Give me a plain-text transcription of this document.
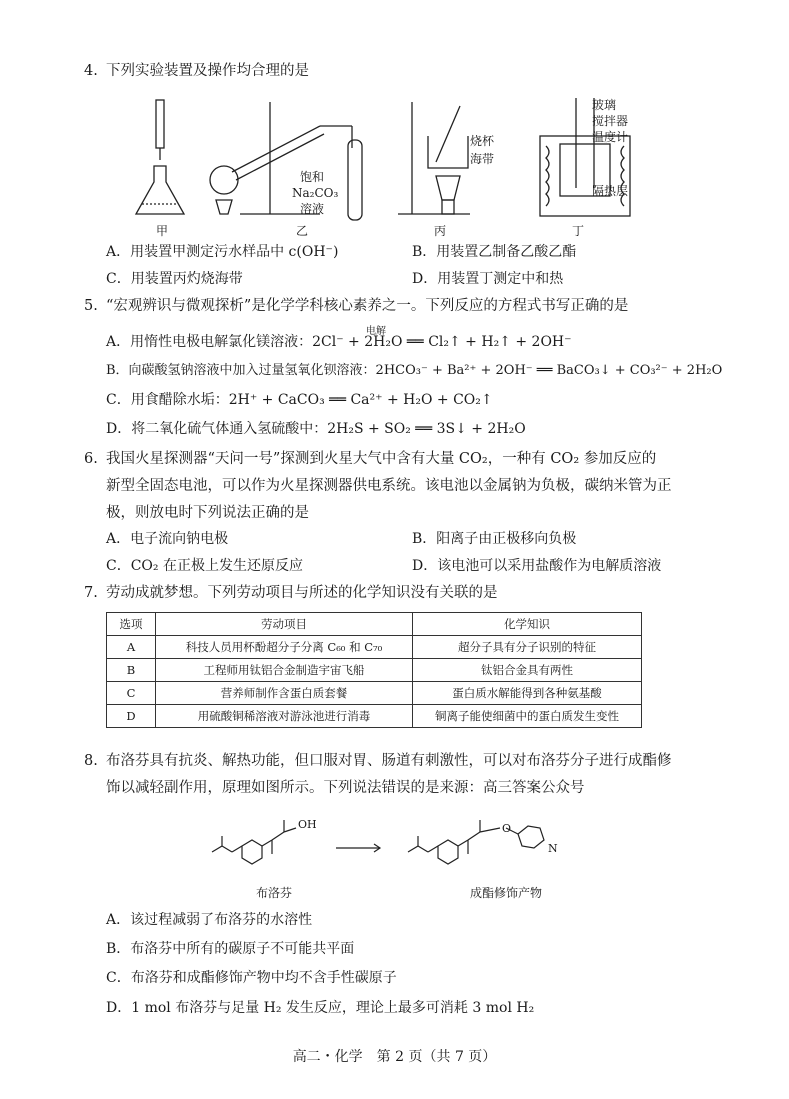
4. 下列实验装置及操作均合理的是
甲	乙	丙	丁
饱和
Na₂CO₃
溶液
烧杯
海带
玻璃
搅拌器
温度计
隔热层
A．用装置甲测定污水样品中 c(OH⁻)	B．用装置乙制备乙酸乙酯
C．用装置丙灼烧海带	D．用装置丁测定中和热
5. “宏观辨识与微观探析”是化学学科核心素养之一。下列反应的方程式书写正确的是
电解
A．用惰性电极电解氯化镁溶液：2Cl⁻ + 2H₂O ══ Cl₂↑ + H₂↑ + 2OH⁻
B．向碳酸氢钠溶液中加入过量氢氧化钡溶液：2HCO₃⁻ + Ba²⁺ + 2OH⁻ ══ BaCO₃↓ + CO₃²⁻ + 2H₂O
C．用食醋除水垢：2H⁺ + CaCO₃ ══ Ca²⁺ + H₂O + CO₂↑
D．将二氧化硫气体通入氢硫酸中：2H₂S + SO₂ ══ 3S↓ + 2H₂O
6. 我国火星探测器“天问一号”探测到火星大气中含有大量 CO₂，一种有 CO₂ 参加反应的
新型全固态电池，可以作为火星探测器供电系统。该电池以金属钠为负极，碳纳米管为正
极，则放电时下列说法正确的是
A．电子流向钠电极	B．阳离子由正极移向负极
C．CO₂ 在正极上发生还原反应	D．该电池可以采用盐酸作为电解质溶液
7. 劳动成就梦想。下列劳动项目与所述的化学知识没有关联的是
选项	劳动项目	化学知识
A	科技人员用杯酚超分子分离 C₆₀ 和 C₇₀	超分子具有分子识别的特征
B	工程师用钛铝合金制造宇宙飞船	钛铝合金具有两性
C	营养师制作含蛋白质套餐	蛋白质水解能得到各种氨基酸
D	用硫酸铜稀溶液对游泳池进行消毒	铜离子能使细菌中的蛋白质发生变性
8. 布洛芬具有抗炎、解热功能，但口服对胃、肠道有刺激性，可以对布洛芬分子进行成酯修
饰以减轻副作用，原理如图所示。下列说法错误的是来源：高三答案公众号
OH	O
N
布洛芬	成酯修饰产物
A．该过程减弱了布洛芬的水溶性
B．布洛芬中所有的碳原子不可能共平面
C．布洛芬和成酯修饰产物中均不含手性碳原子
D．1 mol 布洛芬与足量 H₂ 发生反应，理论上最多可消耗 3 mol H₂
高二・化学　第 2 页（共 7 页）
